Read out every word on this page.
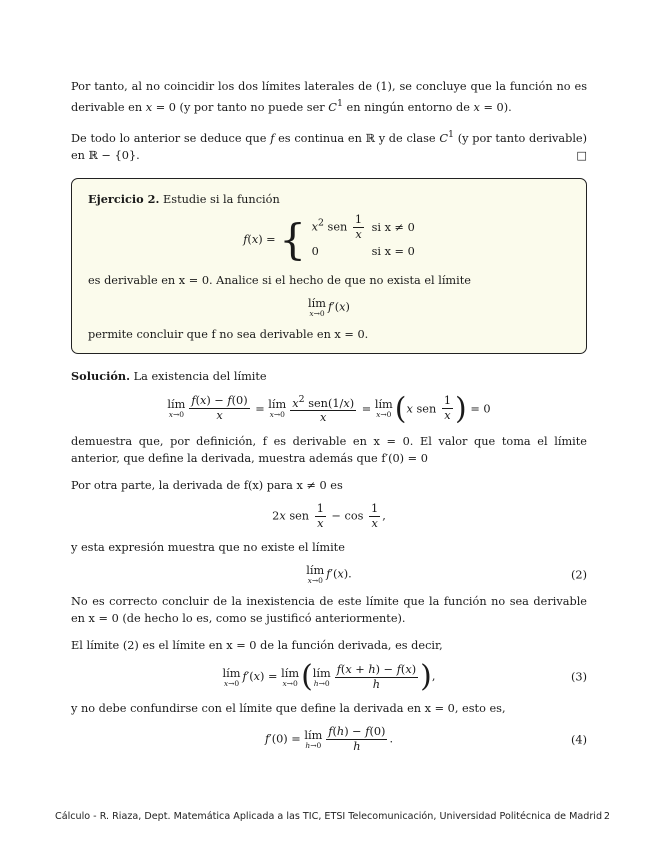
Por tanto, al no coincidir los dos límites laterales de (1), se concluye que la función no es derivable en x = 0 (y por tanto no puede ser $C^1$ en ningún entorno de x = 0).

De todo lo anterior se deduce que f es continua en ℝ y de clase $C^1$ (y por tanto derivable) en ℝ − {0}.	□

Ejercicio 2. Estudie si la función

f(x) = { $x^2$ sen $\frac{1}{x}$ si x ≠ 0
0	si x = 0

es derivable en x = 0. Analice si el hecho de que no exista el límite

lím
x→0 f′(x)

permite concluir que f no sea derivable en x = 0.

Solución. La existencia del límite

lím
$x\to 0 \frac{f(x) - f(0)}{x}$ = lím
$x\to 0 \frac{x^2 sen(1/x)}{x}$ = lím
x→0 (x sen $\frac{1}{x}$ ) = 0

demuestra que, por definición, f es derivable en x = 0. El valor que toma el límite anterior, que define la derivada, muestra además que f′(0) = 0

Por otra parte, la derivada de f(x) para x ≠ 0 es

2x sen $\frac{1}{x} - \cos \frac{1}{x}$ ,

y esta expresión muestra que no existe el límite

lím
x→0 f′(x).	(2)

No es correcto concluir de la inexistencia de este límite que la función no sea derivable en x = 0 (de hecho lo es, como se justificó anteriormente).

El límite (2) es el límite en x = 0 de la función derivada, es decir,

lím
x→0 f′(x) = lím
x→0 (lím
$h\to 0 \frac{f(x + h) - f(x)}{h}$ ),	(3)

y no debe confundirse con el límite que define la derivada en x = 0, esto es,

f′(0) = lím
$h\to 0 \frac{f(h) - f(0)}{h}$ .	(4)
Cálculo - R. Riaza, Dept. Matemática Aplicada a las TIC, ETSI Telecomunicación, Universidad Politécnica de Madrid 2
